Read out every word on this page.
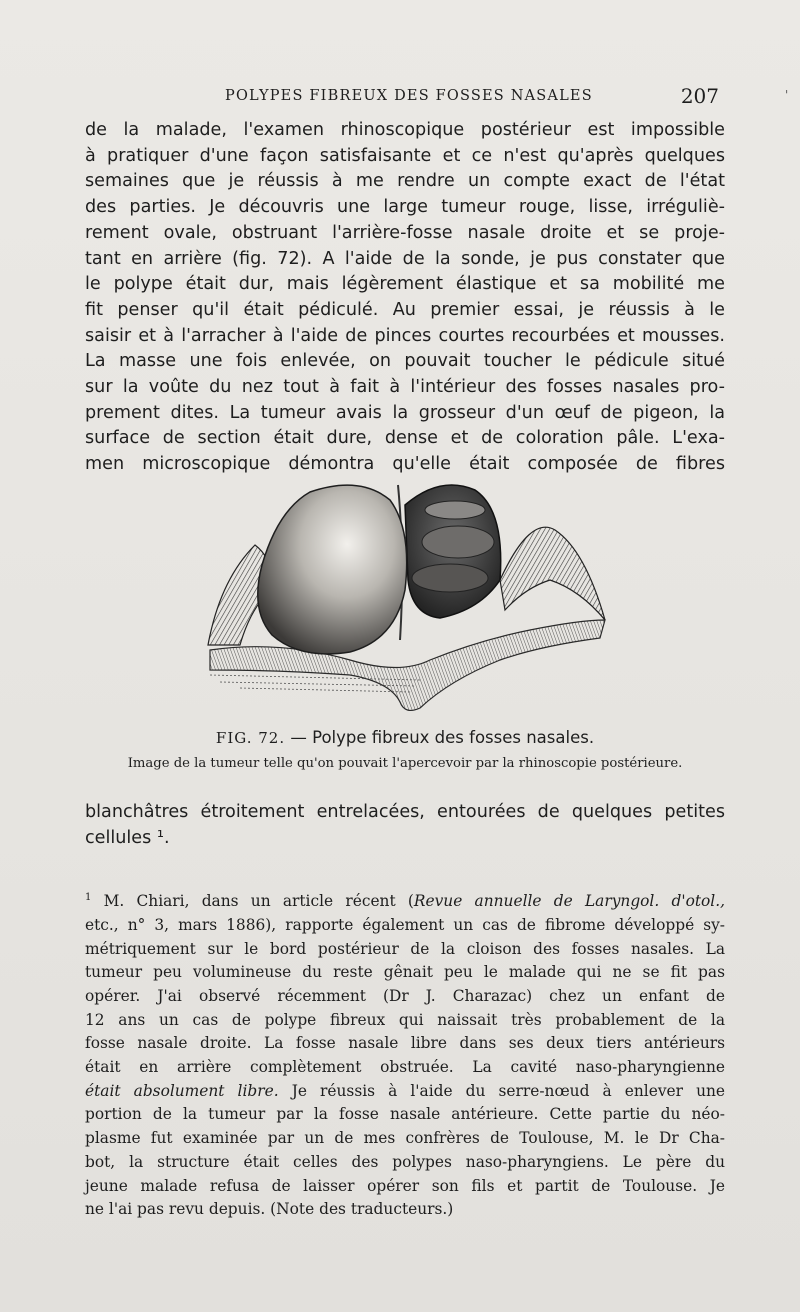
POLYPES FIBREUX DES FOSSES NASALES	207	'
de la malade, l'examen rhinoscopique postérieur est impossible
à pratiquer d'une façon satisfaisante et ce n'est qu'après quelques
semaines que je réussis à me rendre un compte exact de l'état
des parties. Je découvris une large tumeur rouge, lisse, irréguliè-
rement ovale, obstruant l'arrière-fosse nasale droite et se proje-
tant en arrière (fig. 72). A l'aide de la sonde, je pus constater que
le polype était dur, mais légèrement élastique et sa mobilité me
fit penser qu'il était pédiculé. Au premier essai, je réussis à le
saisir et à l'arracher à l'aide de pinces courtes recourbées et mousses.
La masse une fois enlevée, on pouvait toucher le pédicule situé
sur la voûte du nez tout à fait à l'intérieur des fosses nasales pro-
prement dites. La tumeur avais la grosseur d'un œuf de pigeon, la
surface de section était dure, dense et de coloration pâle. L'exa-
men microscopique démontra qu'elle était composée de fibres
FIG. 72. — Polype fibreux des fosses nasales.
Image de la tumeur telle qu'on pouvait l'apercevoir par la rhinoscopie postérieure.
blanchâtres étroitement entrelacées, entourées de quelques petites
cellules ¹.
$^1$ M. Chiari, dans un article récent (Revue annuelle de Laryngol. d'otol.,
etc., n° 3, mars 1886), rapporte également un cas de fibrome développé sy-
métriquement sur le bord postérieur de la cloison des fosses nasales. La
tumeur peu volumineuse du reste gênait peu le malade qui ne se fit pas
opérer. J'ai observé récemment (Dr J. Charazac) chez un enfant de
12 ans un cas de polype fibreux qui naissait très probablement de la
fosse nasale droite. La fosse nasale libre dans ses deux tiers antérieurs
était en arrière complètement obstruée. La cavité naso-pharyngienne
était absolument libre. Je réussis à l'aide du serre-nœud à enlever une
portion de la tumeur par la fosse nasale antérieure. Cette partie du néo-
plasme fut examinée par un de mes confrères de Toulouse, M. le Dr Cha-
bot, la structure était celles des polypes naso-pharyngiens. Le père du
jeune malade refusa de laisser opérer son fils et partit de Toulouse. Je
ne l'ai pas revu depuis. (Note des traducteurs.)
